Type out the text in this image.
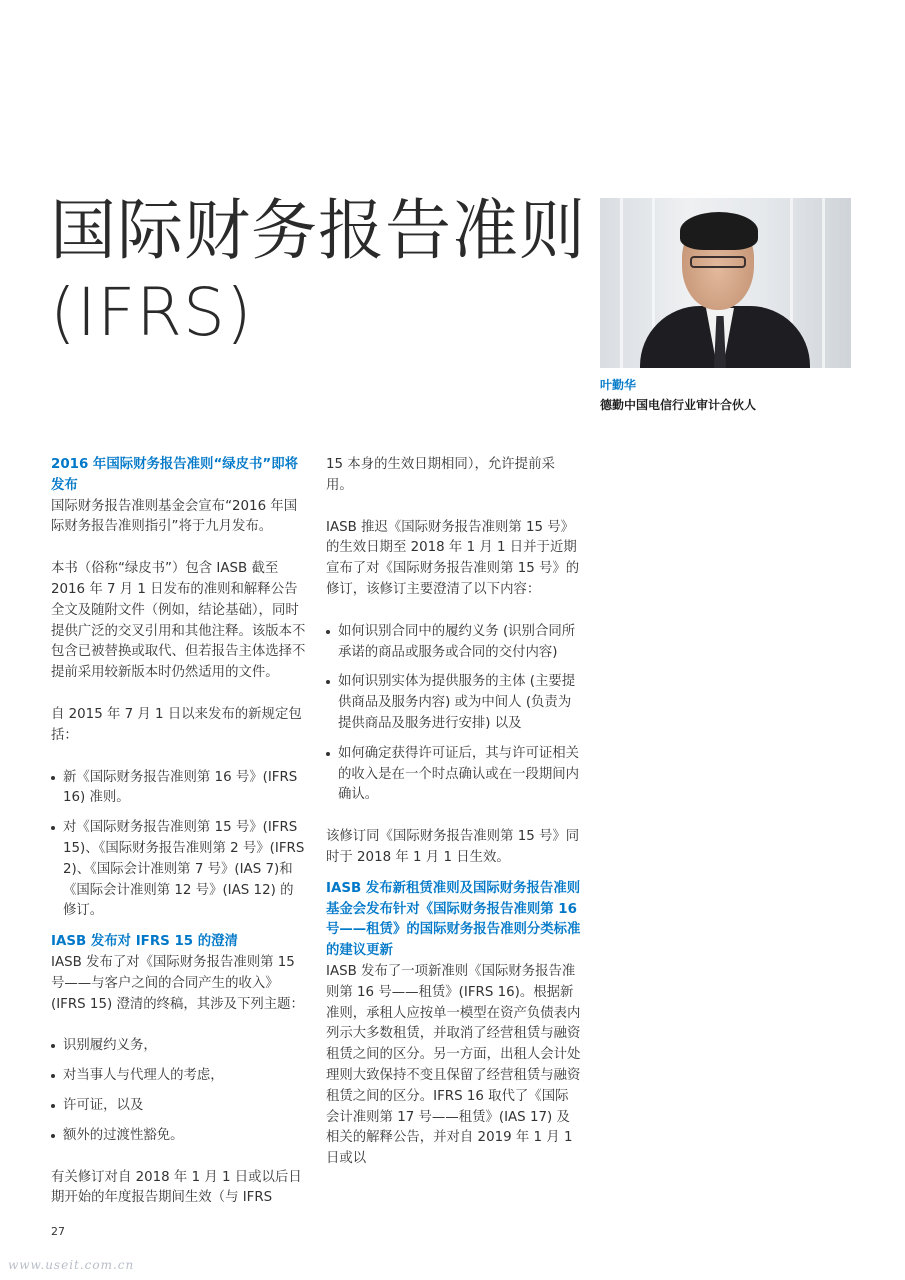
国际财务报告准则
(IFRS)
叶勤华
德勤中国电信行业审计合伙人

2016 年国际财务报告准则“绿皮书”即将发布

国际财务报告准则基金会宣布“2016 年国际财务报告准则指引”将于九月发布。

本书（俗称“绿皮书”）包含 IASB 截至 2016 年 7 月 1 日发布的准则和解释公告全文及随附文件（例如，结论基础），同时提供广泛的交叉引用和其他注释。该版本不包含已被替换或取代、但若报告主体选择不提前采用较新版本时仍然适用的文件。

自 2015 年 7 月 1 日以来发布的新规定包括：

新《国际财务报告准则第 16 号》(IFRS 16) 准则。

对《国际财务报告准则第 15 号》(IFRS 15)、《国际财务报告准则第 2 号》(IFRS 2)、《国际会计准则第 7 号》(IAS 7)和《国际会计准则第 12 号》(IAS 12) 的修订。

IASB 发布对 IFRS 15 的澄清

IASB 发布了对《国际财务报告准则第 15 号——与客户之间的合同产生的收入》(IFRS 15) 澄清的终稿，其涉及下列主题：

识别履约义务，

对当事人与代理人的考虑，

许可证，以及

额外的过渡性豁免。

有关修订对自 2018 年 1 月 1 日或以后日期开始的年度报告期间生效（与 IFRS

15 本身的生效日期相同），允许提前采用。

IASB 推迟《国际财务报告准则第 15 号》的生效日期至 2018 年 1 月 1 日并于近期宣布了对《国际财务报告准则第 15 号》的修订，该修订主要澄清了以下内容：

如何识别合同中的履约义务 (识别合同所承诺的商品或服务或合同的交付内容)

如何识别实体为提供服务的主体 (主要提供商品及服务内容) 或为中间人 (负责为提供商品及服务进行安排) 以及

如何确定获得许可证后，其与许可证相关的收入是在一个时点确认或在一段期间内确认。

该修订同《国际财务报告准则第 15 号》同时于 2018 年 1 月 1 日生效。

IASB 发布新租赁准则及国际财务报告准则基金会发布针对《国际财务报告准则第 16 号——租赁》的国际财务报告准则分类标准的建议更新

IASB 发布了一项新准则《国际财务报告准则第 16 号——租赁》(IFRS 16)。根据新准则，承租人应按单一模型在资产负债表内列示大多数租赁，并取消了经营租赁与融资租赁之间的区分。另一方面，出租人会计处理则大致保持不变且保留了经营租赁与融资租赁之间的区分。IFRS 16 取代了《国际会计准则第 17 号——租赁》(IAS 17) 及相关的解释公告，并对自 2019 年 1 月 1 日或以

27
www.useit.com.cn
